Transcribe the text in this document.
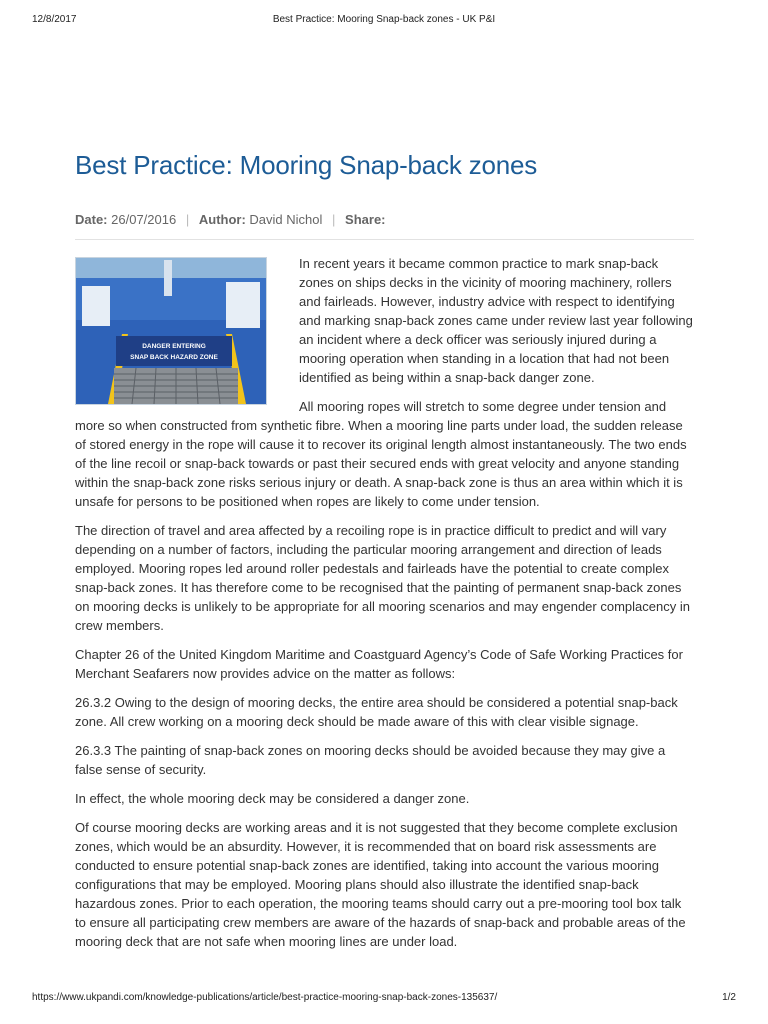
12/8/2017	Best Practice: Mooring Snap-back zones - UK P&I
Best Practice: Mooring Snap-back zones
Date: 26/07/2016 | Author: David Nichol | Share:
DANGER ENTERING
SNAP BACK HAZARD ZONE

In recent years it became common practice to mark snap-back zones on ships decks in the vicinity of mooring machinery, rollers and fairleads. However, industry advice with respect to identifying and marking snap-back zones came under review last year following an incident where a deck officer was seriously injured during a mooring operation when standing in a location that had not been identified as being within a snap-back danger zone.

All mooring ropes will stretch to some degree under tension and more so when constructed from synthetic fibre. When a mooring line parts under load, the sudden release of stored energy in the rope will cause it to recover its original length almost instantaneously. The two ends of the line recoil or snap-back towards or past their secured ends with great velocity and anyone standing within the snap-back zone risks serious injury or death. A snap-back zone is thus an area within which it is unsafe for persons to be positioned when ropes are likely to come under tension.

The direction of travel and area affected by a recoiling rope is in practice difficult to predict and will vary depending on a number of factors, including the particular mooring arrangement and direction of leads employed. Mooring ropes led around roller pedestals and fairleads have the potential to create complex snap-back zones. It has therefore come to be recognised that the painting of permanent snap-back zones on mooring decks is unlikely to be appropriate for all mooring scenarios and may engender complacency in crew members.

Chapter 26 of the United Kingdom Maritime and Coastguard Agency’s Code of Safe Working Practices for Merchant Seafarers now provides advice on the matter as follows:

26.3.2 Owing to the design of mooring decks, the entire area should be considered a potential snap-back zone. All crew working on a mooring deck should be made aware of this with clear visible signage.

26.3.3 The painting of snap-back zones on mooring decks should be avoided because they may give a false sense of security.

In effect, the whole mooring deck may be considered a danger zone.

Of course mooring decks are working areas and it is not suggested that they become complete exclusion zones, which would be an absurdity. However, it is recommended that on board risk assessments are conducted to ensure potential snap-back zones are identified, taking into account the various mooring configurations that may be employed. Mooring plans should also illustrate the identified snap-back hazardous zones. Prior to each operation, the mooring teams should carry out a pre-mooring tool box talk to ensure all participating crew members are aware of the hazards of snap-back and probable areas of the mooring deck that are not safe when mooring lines are under load.

https://www.ukpandi.com/knowledge-publications/article/best-practice-mooring-snap-back-zones-135637/	1/2
